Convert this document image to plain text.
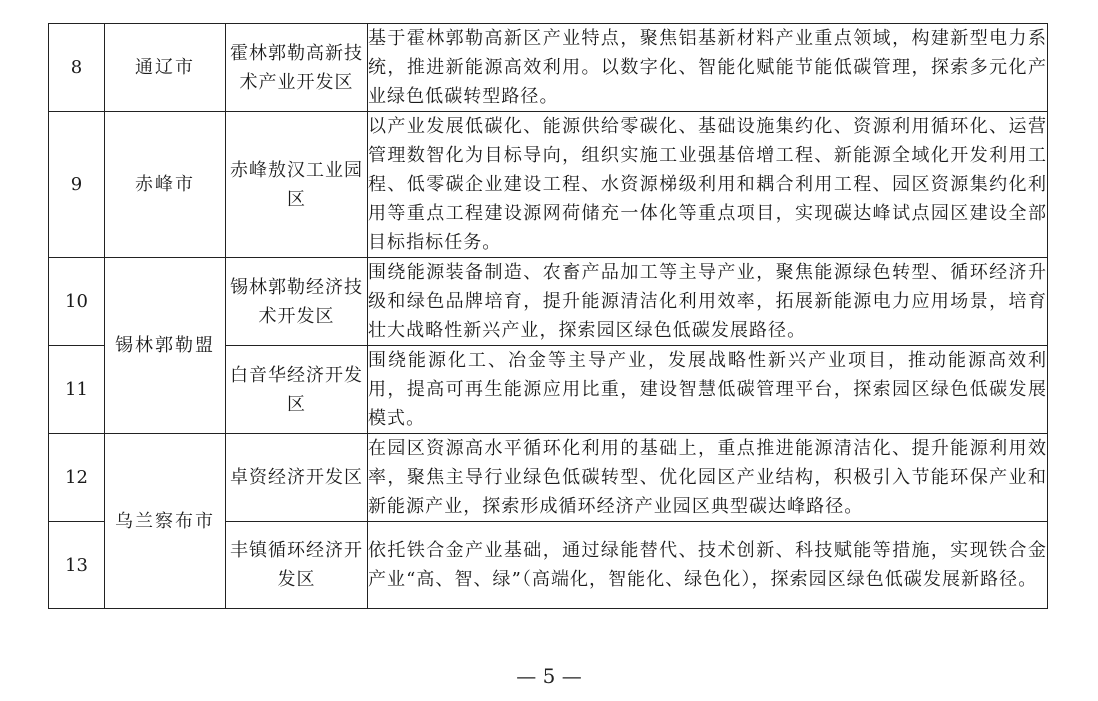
8	通辽市	霍林郭勒高新技术产业开发区	基于霍林郭勒高新区产业特点，聚焦铝基新材料产业重点领域，构建新型电力系统，推进新能源高效利用。以数字化、智能化赋能节能低碳管理，探索多元化产业绿色低碳转型路径。
9	赤峰市	赤峰敖汉工业园区	以产业发展低碳化、能源供给零碳化、基础设施集约化、资源利用循环化、运营管理数智化为目标导向，组织实施工业强基倍增工程、新能源全域化开发利用工程、低零碳企业建设工程、水资源梯级利用和耦合利用工程、园区资源集约化利用等重点工程建设源网荷储充一体化等重点项目，实现碳达峰试点园区建设全部目标指标任务。
10	锡林郭勒盟	锡林郭勒经济技术开发区	围绕能源装备制造、农畜产品加工等主导产业，聚焦能源绿色转型、循环经济升级和绿色品牌培育，提升能源清洁化利用效率，拓展新能源电力应用场景，培育壮大战略性新兴产业，探索园区绿色低碳发展路径。
11		白音华经济开发区	围绕能源化工、冶金等主导产业，发展战略性新兴产业项目，推动能源高效利用，提高可再生能源应用比重，建设智慧低碳管理平台，探索园区绿色低碳发展模式。
12	乌兰察布市	卓资经济开发区	在园区资源高水平循环化利用的基础上，重点推进能源清洁化、提升能源利用效率，聚焦主导行业绿色低碳转型、优化园区产业结构，积极引入节能环保产业和新能源产业，探索形成循环经济产业园区典型碳达峰路径。
13		丰镇循环经济开发区	依托铁合金产业基础，通过绿能替代、技术创新、科技赋能等措施，实现铁合金产业“高、智、绿”（高端化，智能化、绿色化），探索园区绿色低碳发展新路径。
— 5 —
